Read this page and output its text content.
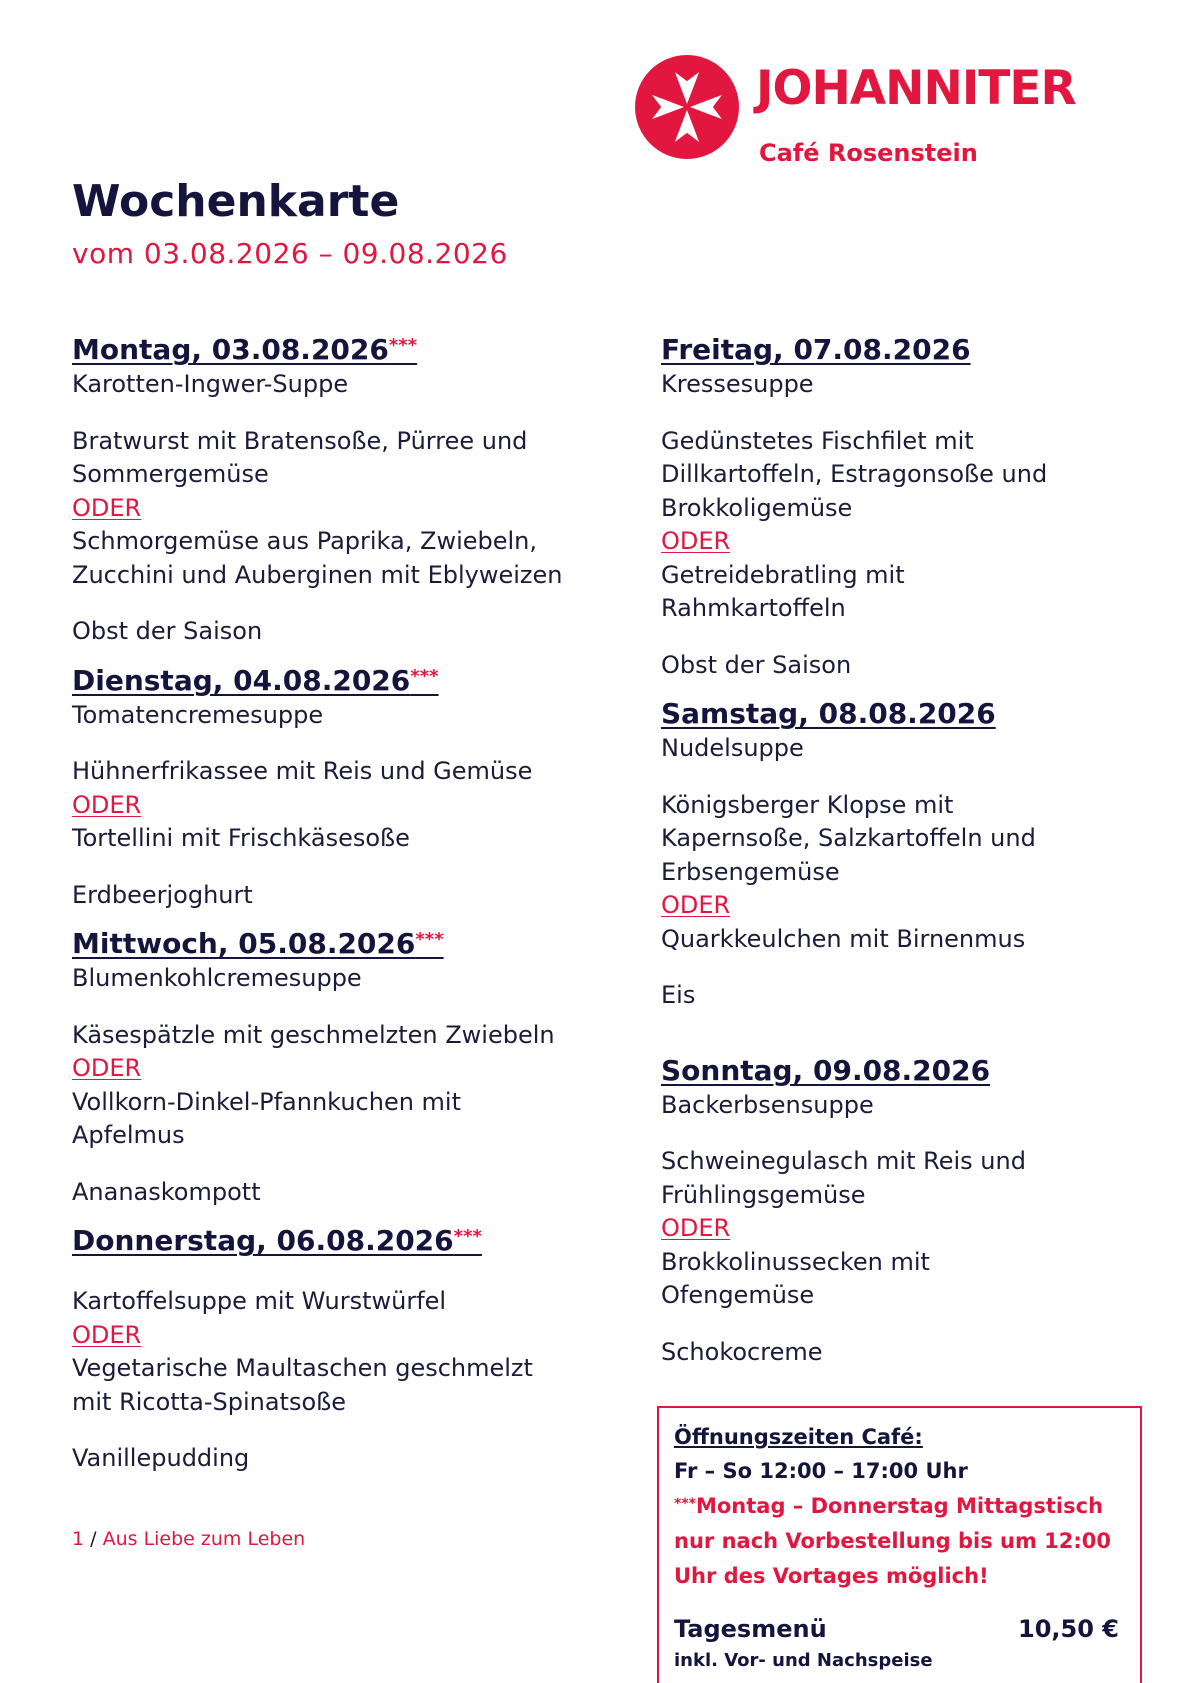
JOHANNITER
Café Rosenstein
Wochenkarte
vom 03.08.2026 – 09.08.2026
Montag, 03.08.2026***
Karotten-Ingwer-Suppe
Bratwurst mit Bratensoße, Pürree und
Sommergemüse
ODER
Schmorgemüse aus Paprika, Zwiebeln,
Zucchini und Auberginen mit Eblyweizen
Obst der Saison
Dienstag, 04.08.2026***
Tomatencremesuppe
Hühnerfrikassee mit Reis und Gemüse
ODER
Tortellini mit Frischkäsesoße
Erdbeerjoghurt
Mittwoch, 05.08.2026***
Blumenkohlcremesuppe
Käsespätzle mit geschmelzten Zwiebeln
ODER
Vollkorn-Dinkel-Pfannkuchen mit
Apfelmus
Ananaskompott
Donnerstag, 06.08.2026***
Kartoffelsuppe mit Wurstwürfel
ODER
Vegetarische Maultaschen geschmelzt
mit Ricotta-Spinatsoße
Vanillepudding
Freitag, 07.08.2026
Kressesuppe
Gedünstetes Fischfilet mit
Dillkartoffeln, Estragonsoße und
Brokkoligemüse
ODER
Getreidebratling mit
Rahmkartoffeln
Obst der Saison
Samstag, 08.08.2026
Nudelsuppe
Königsberger Klopse mit
Kapernsoße, Salzkartoffeln und
Erbsengemüse
ODER
Quarkkeulchen mit Birnenmus
Eis
Sonntag, 09.08.2026
Backerbsensuppe
Schweinegulasch mit Reis und
Frühlingsgemüse
ODER
Brokkolinussecken mit
Ofengemüse
Schokocreme
1 / Aus Liebe zum Leben
Öffnungszeiten Café:
Fr – So 12:00 – 17:00 Uhr
***Montag – Donnerstag Mittagstisch
nur nach Vorbestellung bis um 12:00
Uhr des Vortages möglich!
Tagesmenü	10,50 €
inkl. Vor- und Nachspeise
